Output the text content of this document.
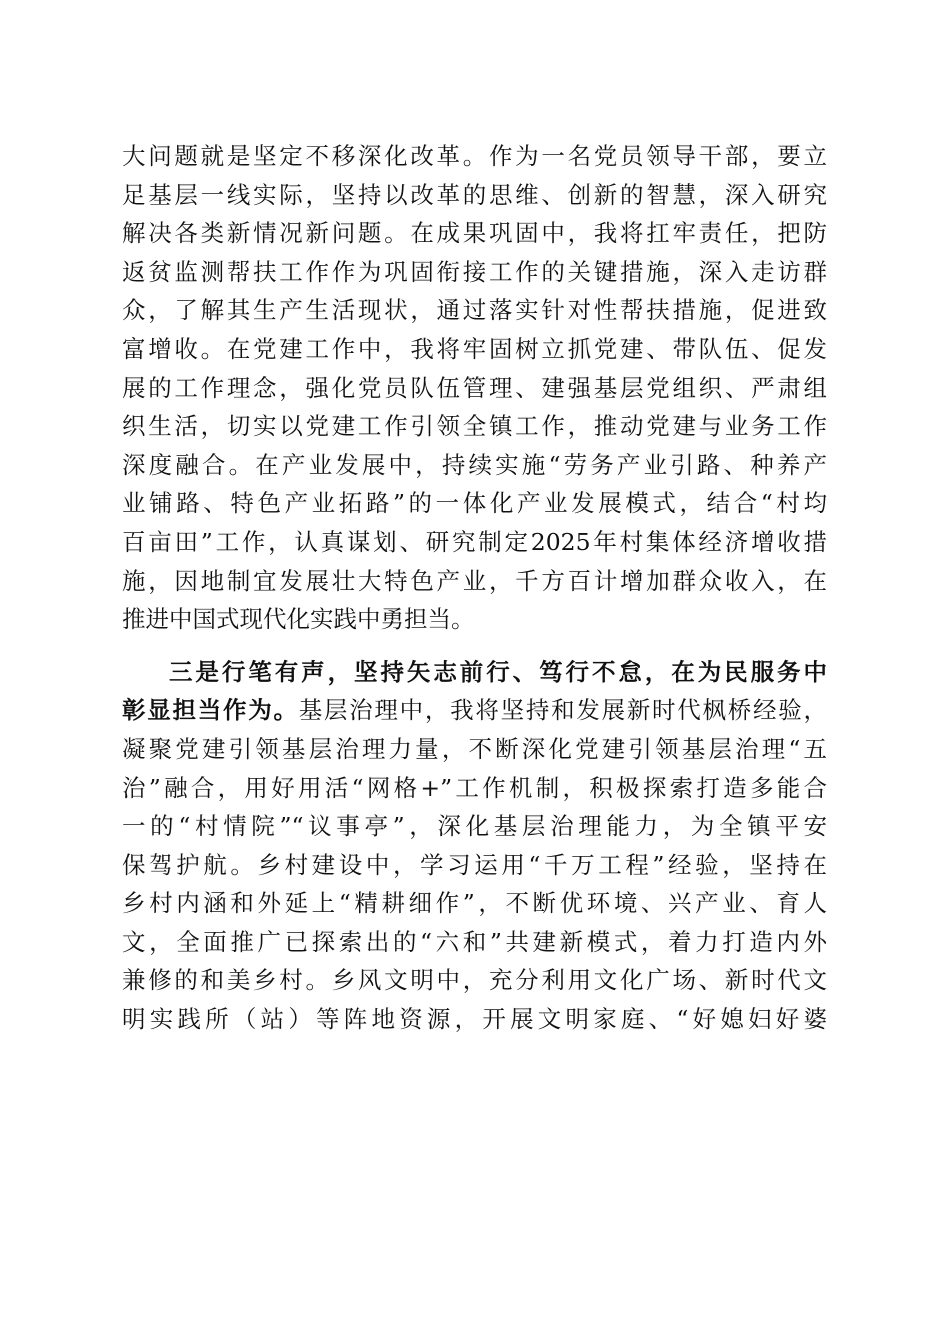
大问题就是坚定不移深化改革。作为一名党员领导干部，要立
足基层一线实际，坚持以改革的思维、创新的智慧，深入研究
解决各类新情况新问题。在成果巩固中，我将扛牢责任，把防
返贫监测帮扶工作作为巩固衔接工作的关键措施，深入走访群
众，了解其生产生活现状，通过落实针对性帮扶措施，促进致
富增收。在党建工作中，我将牢固树立抓党建、带队伍、促发
展的工作理念，强化党员队伍管理、建强基层党组织、严肃组
织生活，切实以党建工作引领全镇工作，推动党建与业务工作
深度融合。在产业发展中，持续实施“劳务产业引路、种养产
业铺路、特色产业拓路”的一体化产业发展模式，结合“村均
百亩田”工作，认真谋划、研究制定2025年村集体经济增收措
施，因地制宜发展壮大特色产业，千方百计增加群众收入，在
推进中国式现代化实践中勇担当。
三是行笔有声，坚持矢志前行、笃行不怠，在为民服务中
彰显担当作为。基层治理中，我将坚持和发展新时代枫桥经验，
凝聚党建引领基层治理力量，不断深化党建引领基层治理“五
治”融合，用好用活“网格+”工作机制，积极探索打造多能合
一的“村情院”“议事亭”，深化基层治理能力，为全镇平安
保驾护航。乡村建设中，学习运用“千万工程”经验，坚持在
乡村内涵和外延上“精耕细作”，不断优环境、兴产业、育人
文，全面推广已探索出的“六和”共建新模式，着力打造内外
兼修的和美乡村。乡风文明中，充分利用文化广场、新时代文
明实践所（站）等阵地资源，开展文明家庭、“好媳妇好婆
